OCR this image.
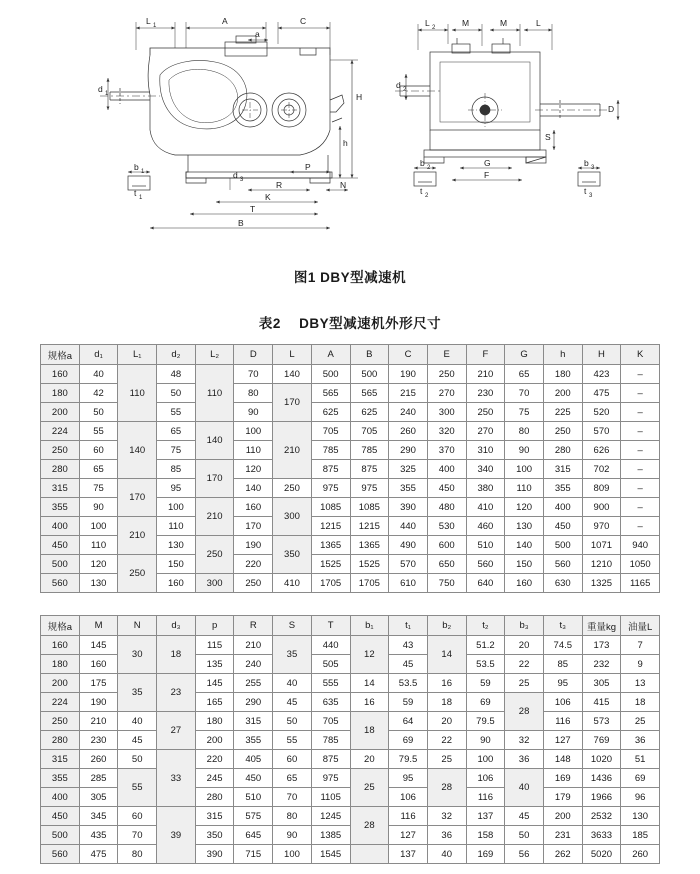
L 1	A	C
a
d 1	H
h
b 1
t 1
d 3
P
R	N
K
T
B
L 2	M	M	L
d 2
D
S
G
F
b 2
t 2
b 3
t 3
图1 DBY型减速机
表2　 DBY型减速机外形尺寸
规格a	d₁	L₁	d₂	L₂	D	L	A	B	C	E	F	G	h	H	K
160	40	110	48	110	70	140	500	500	190	250	210	65	180	423	–
180	42		50		80	170	565	565	215	270	230	70	200	475	–
200	50		55		90		625	625	240	300	250	75	225	520	–
224	55	140	65	140	100	210	705	705	260	320	270	80	250	570	–
250	60		75		110		785	785	290	370	310	90	280	626	–
280	65		85	170	120		875	875	325	400	340	100	315	702	–
315	75	170	95		140	250	975	975	355	450	380	110	355	809	–
355	90		100	210	160	300	1085	1085	390	480	410	120	400	900	–
400	100	210	110		170		1215	1215	440	530	460	130	450	970	–
450	110		130	250	190	350	1365	1365	490	600	510	140	500	1071	940
500	120	250	150		220		1525	1525	570	650	560	150	560	1210	1050
560	130		160	300	250	410	1705	1705	610	750	640	160	630	1325	1165
规格a	M	N	d₃	p	R	S	T	b₁	t₁	b₂	t₂	b₃	t₃	重量kg	油量L
160	145	30	18	115	210	35	440	12	43	14	51.2	20	74.5	173	7
180	160			135	240		505		45		53.5	22	85	232	9
200	175	35	23	145	255	40	555	14	53.5	16	59	25	95	305	13
224	190			165	290	45	635	16	59	18	69	28	106	415	18
250	210	40	27	180	315	50	705	18	64	20	79.5		116	573	25
280	230	45		200	355	55	785		69	22	90	32	127	769	36
315	260	50	33	220	405	60	875	20	79.5	25	100	36	148	1020	51
355	285	55		245	450	65	975	25	95	28	106	40	169	1436	69
400	305			280	510	70	1105		106		116		179	1966	96
450	345	60	39	315	575	80	1245	28	116	32	137	45	200	2532	130
500	435	70		350	645	90	1385		127	36	158	50	231	3633	185
560	475	80		390	715	100	1545		137	40	169	56	262	5020	260
